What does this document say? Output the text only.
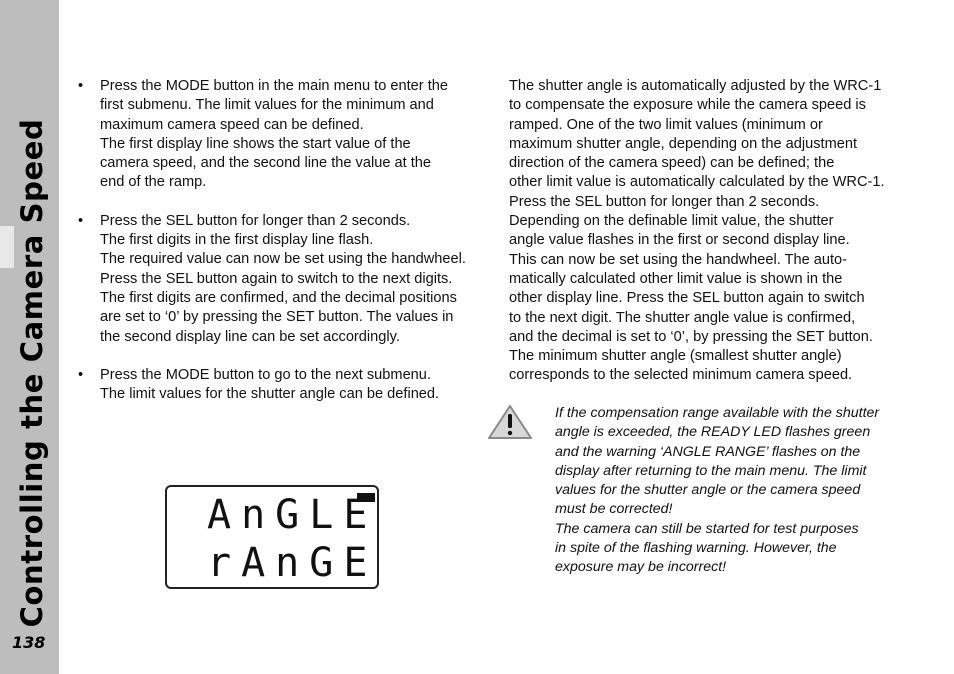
Controlling the Camera Speed
138
• Press the MODE button in the main menu to enter the
first submenu. The limit values for the minimum and
maximum camera speed can be defined.
The first display line shows the start value of the
camera speed, and the second line the value at the
end of the ramp.
• Press the SEL button for longer than 2 seconds.
The first digits in the first display line flash.
The required value can now be set using the handwheel.
Press the SEL button again to switch to the next digits.
The first digits are confirmed, and the decimal positions
are set to ‘0’ by pressing the SET button. The values in
the second display line can be set accordingly.
• Press the MODE button to go to the next submenu.
The limit values for the shutter angle can be defined.
The shutter angle is automatically adjusted by the WRC-1
to compensate the exposure while the camera speed is
ramped. One of the two limit values (minimum or
maximum shutter angle, depending on the adjustment
direction of the camera speed) can be defined; the
other limit value is automatically calculated by the WRC-1.
Press the SEL button for longer than 2 seconds.
Depending on the definable limit value, the shutter
angle value flashes in the first or second display line.
This can now be set using the handwheel. The auto-
matically calculated other limit value is shown in the
other display line. Press the SEL button again to switch
to the next digit. The shutter angle value is confirmed,
and the decimal is set to ‘0’, by pressing the SET button.
The minimum shutter angle (smallest shutter angle)
corresponds to the selected minimum camera speed.
If the compensation range available with the shutter
angle is exceeded, the READY LED flashes green
and the warning ‘ANGLE RANGE’ flashes on the
display after returning to the main menu. The limit
values for the shutter angle or the camera speed
must be corrected!
The camera can still be started for test purposes
in spite of the flashing warning. However, the
exposure may be incorrect!
AnGLE
rAnGE
